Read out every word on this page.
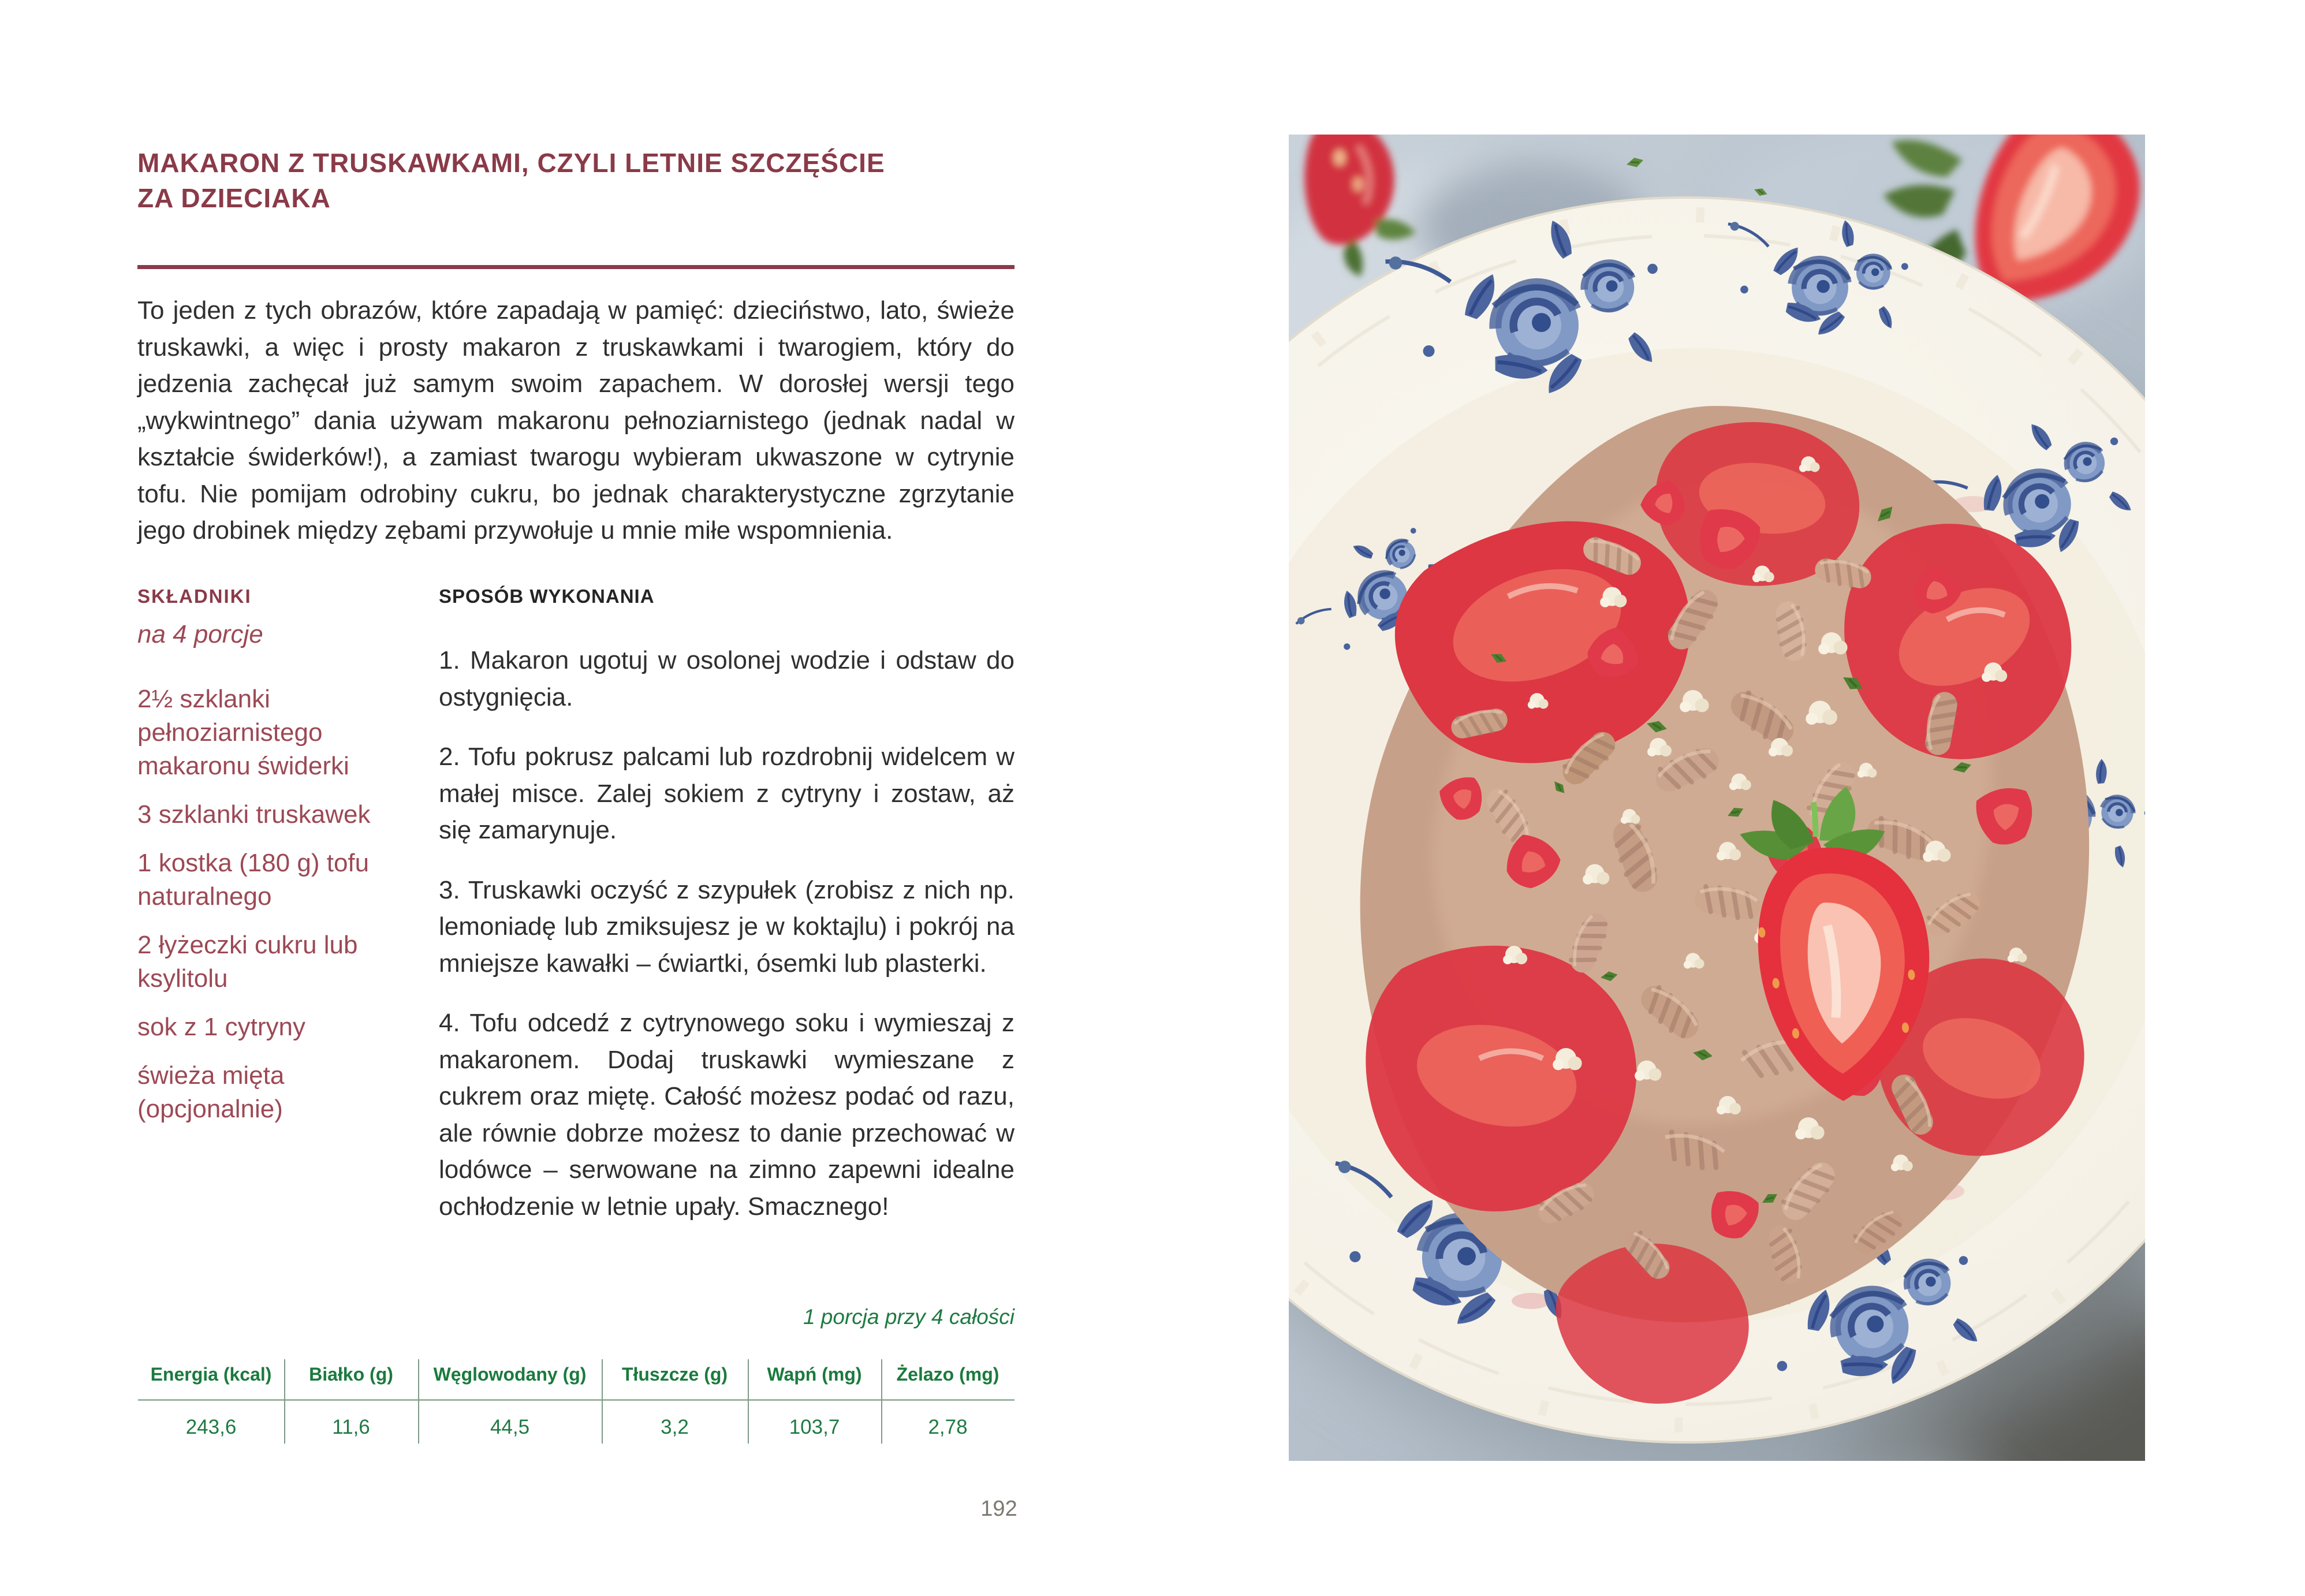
MAKARON Z TRUSKAWKAMI, CZYLI LETNIE SZCZĘŚCIE
ZA DZIECIAKA
To jeden z tych obrazów, które zapadają w pamięć: dzieciństwo, lato, świeże truskawki, a więc i prosty makaron z truskawkami i twarogiem, który do jedzenia zachęcał już samym swoim zapachem. W dorosłej wersji tego „wykwintnego” dania używam makaronu pełnoziarnistego (jednak nadal w kształcie świderków!), a zamiast twarogu wybieram ukwaszone w cytrynie tofu. Nie pomijam odrobiny cukru, bo jednak charakterystyczne zgrzytanie jego drobinek między zębami przywołuje u mnie miłe wspomnienia.

SKŁADNIKI

na 4 porcje

2½ szklanki pełnoziarnistego makaronu świderki

3 szklanki truskawek

1 kostka (180 g) tofu naturalnego

2 łyżeczki cukru lub ksylitolu

sok z 1 cytryny

świeża mięta (opcjonalnie)

SPOSÓB WYKONANIA

1. Makaron ugotuj w osolonej wodzie i odstaw do ostygnięcia.

2. Tofu pokrusz palcami lub rozdrobnij widelcem w małej misce. Zalej sokiem z cytryny i zostaw, aż się zamarynuje.

3. Truskawki oczyść z szypułek (zrobisz z nich np. lemoniadę lub zmiksujesz je w koktajlu) i pokrój na mniejsze kawałki – ćwiartki, ósemki lub plasterki.

4. Tofu odcedź z cytrynowego soku i wymieszaj z makaronem. Dodaj truskawki wymieszane z cukrem oraz miętę. Całość możesz podać od razu, ale równie dobrze możesz to danie przechować w lodówce – serwowane na zimno zapewni idealne ochłodzenie w letnie upały. Smacznego!

1 porcja przy 4 całości
Energia (kcal)	Białko (g)	Węglowodany (g)	Tłuszcze (g)	Wapń (mg)	Żelazo (mg)
243,6	11,6	44,5	3,2	103,7	2,78
192
